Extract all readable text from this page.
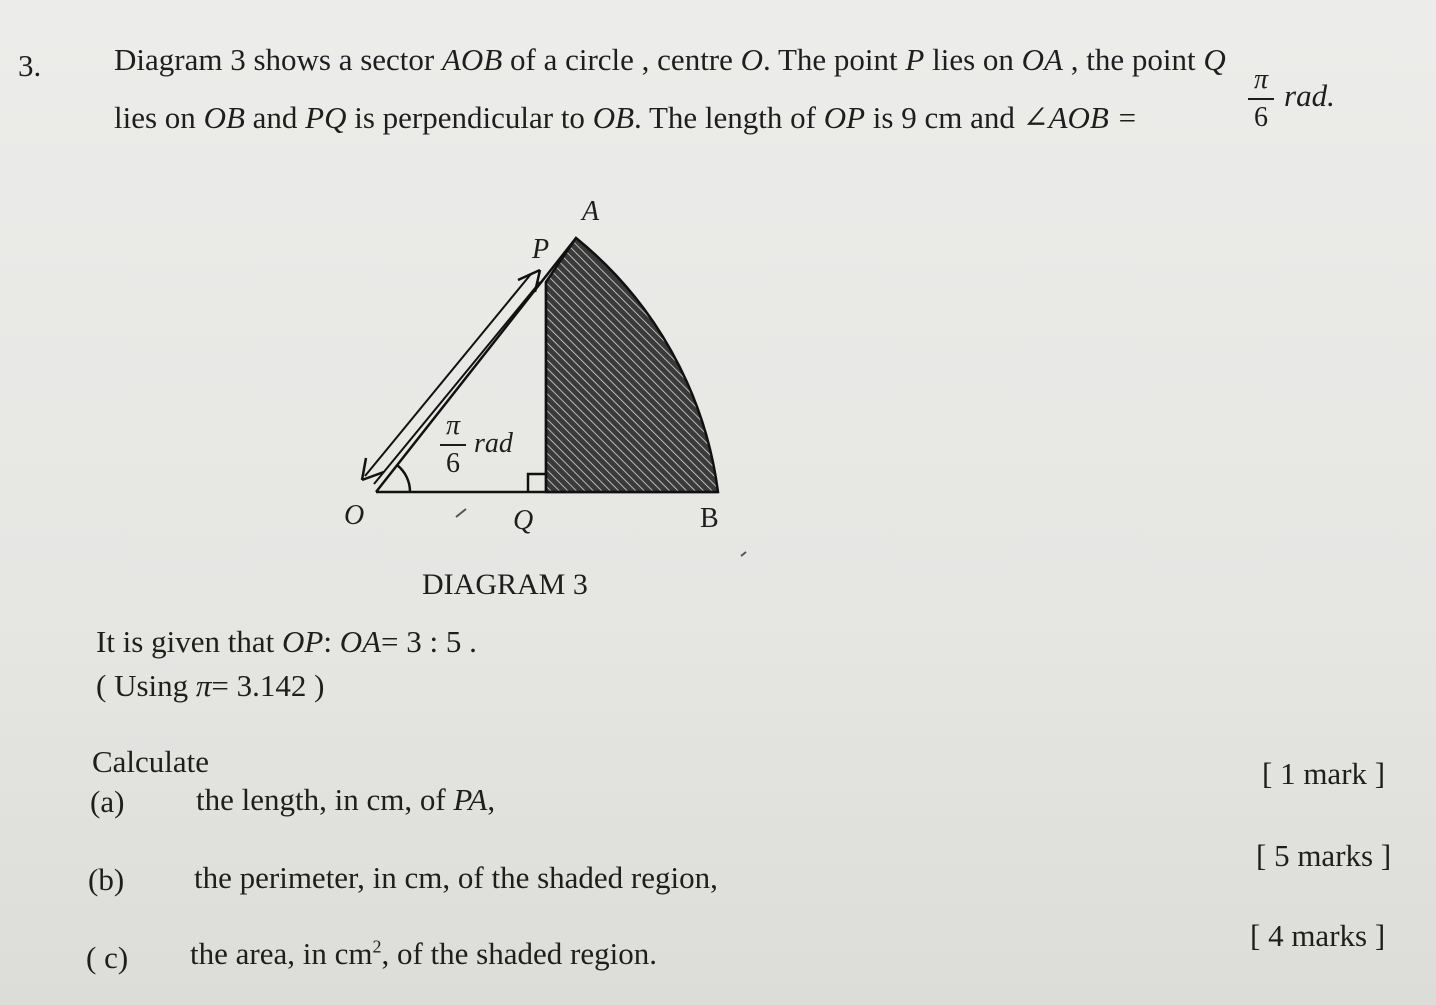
3. Diagram 3 shows a sector AOB of a circle , centre O. The point P lies on OA , the point Q
lies on OB and PQ is perpendicular to OB. The length of OP is 9 cm and ∠AOB =
π
6
rad.
A
P
O	Q	B
π
6
rad
DIAGRAM 3
It is given that OP: OA= 3 : 5 .
( Using π= 3.142 )
Calculate
(a) the length, in cm, of PA,
[ 1 mark ]
(b) the perimeter, in cm, of the shaded region,
[ 5 marks ]
( c) the area, in $cm^2$, of the shaded region.
[ 4 marks ]
